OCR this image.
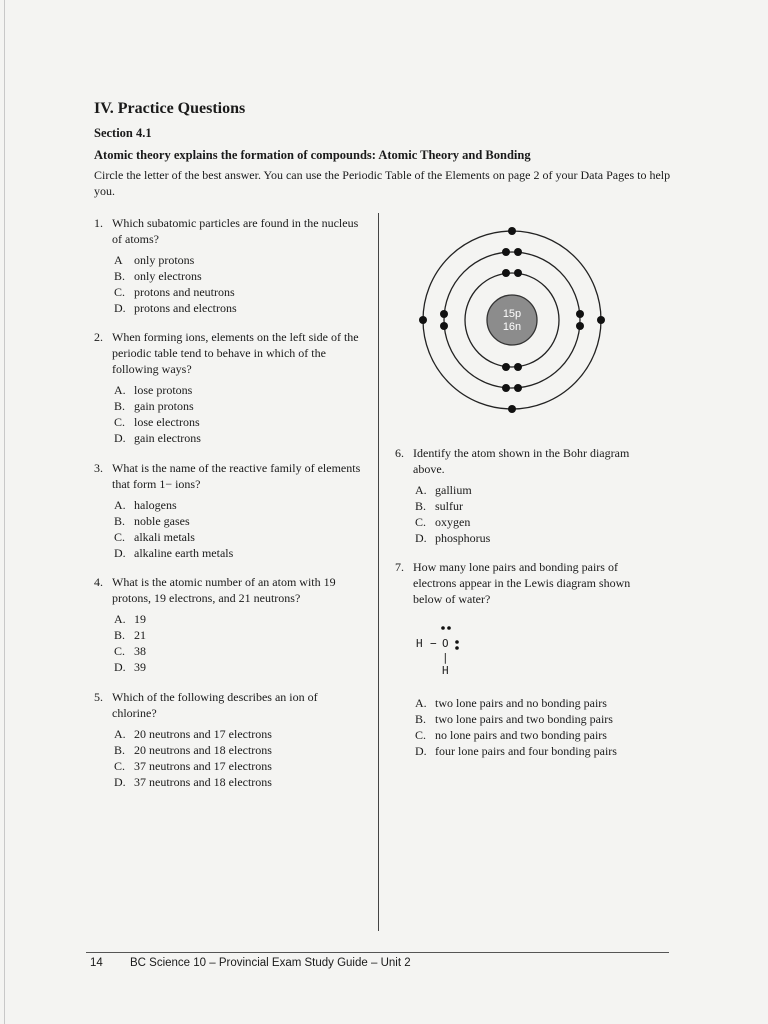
IV. Practice Questions
Section 4.1
Atomic theory explains the formation of compounds: Atomic Theory and Bonding
Circle the letter of the best answer. You can use the Periodic Table of the Elements on page 2 of your Data Pages to help you.
1. Which subatomic particles are found in the nucleus of atoms?
A only protons
B. only electrons
C. protons and neutrons
D. protons and electrons
2. When forming ions, elements on the left side of the periodic table tend to behave in which of the following ways?
A. lose protons
B. gain protons
C. lose electrons
D. gain electrons
3. What is the name of the reactive family of elements that form 1− ions?
A. halogens
B. noble gases
C. alkali metals
D. alkaline earth metals
4. What is the atomic number of an atom with 19 protons, 19 electrons, and 21 neutrons?
A. 19
B. 21
C. 38
D. 39
5. Which of the following describes an ion of chlorine?
A. 20 neutrons and 17 electrons
B. 20 neutrons and 18 electrons
C. 37 neutrons and 17 electrons
D. 37 neutrons and 18 electrons
15p
16n
6. Identify the atom shown in the Bohr diagram above.
A. gallium
B. sulfur
C. oxygen
D. phosphorus
7. How many lone pairs and bonding pairs of electrons appear in the Lewis diagram shown below of water?
H − O
|
H
A. two lone pairs and no bonding pairs
B. two lone pairs and two bonding pairs
C. no lone pairs and two bonding pairs
D. four lone pairs and four bonding pairs
14 BC Science 10 – Provincial Exam Study Guide – Unit 2
